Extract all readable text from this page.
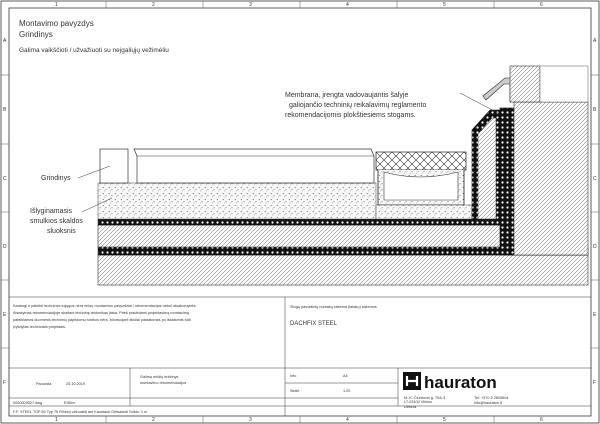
1	2	3	4	5	6
1	2	3	4	5	6
A
B
C
D
E
F
A
B
C
D
E
F
Montavimo pavyzdys
Grindinys
Galima vaikščioti / užvažiuoti su nejgaliųjų vežimėliu
Membrana, įrengta vadovaujantis šalyje
galiojančio techninių reikalavimų reglamento
rekomendacijomis plokštiesiems stogams.
Grindinys
Išlyginamasis
smulkios skaldos
sluoksnis
Kadangi ir pateikti techninės sąlygos nėra mūsų montavimo pavyzdžiai / rekomendacijos neturi atsakomybės.
Atsakymas rekomendacijoje skaitant techninę tektonikas įtaka. Prieš pradėdami projektavimą montavimą
pateikiamos duomenis techninių papildomų tvarkos nėra. Montuojant tiksliai pastatomas po iškaitomis būti
įvykdytas techniniais projektais.
Stogų pamažinių nuotakų sistema (latakų) sistemos
DACHFIX STEEL
Paruošta	25.10.2019
Galimų mūšių brėžinys
montavimo rekomendacijos
Info	A4
Skalė	1:20
0000009527.dwg	ESBm
F.F. STEEL TOP 80 Typ 75 Rinkinį vėžuraktį ant Kaustauti Gritsasluti Sribin: 1 m
M. K. Čiurlionio g. 70A-3
LT-03100 Vilnius
Lietuva
Tel: +370 5 2609604
info@hauraton.lt
hauraton
